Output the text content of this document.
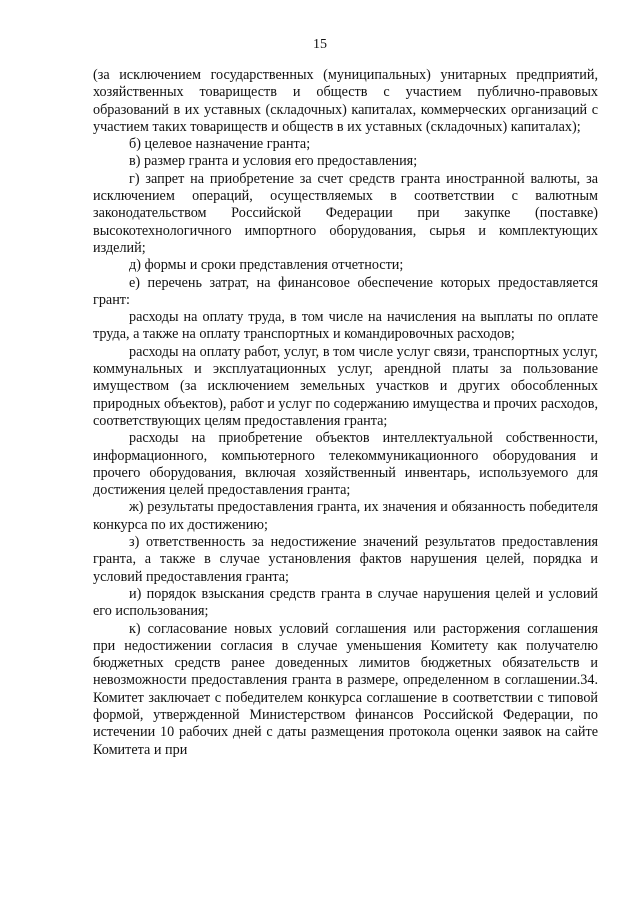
15

(за исключением государственных (муниципальных) унитарных предприятий, хозяйственных товариществ и обществ с участием публично-правовых образований в их уставных (складочных) капиталах, коммерческих организаций с участием таких товариществ и обществ в их уставных (складочных) капиталах);

б) целевое назначение гранта;

в) размер гранта и условия его предоставления;

г) запрет на приобретение за счет средств гранта иностранной валюты, за исключением операций, осуществляемых в соответствии с валютным законодательством Российской Федерации при закупке (поставке) высокотехнологичного импортного оборудования, сырья и комплектующих изделий;

д) формы и сроки представления отчетности;

е) перечень затрат, на финансовое обеспечение которых предоставляется грант:

расходы на оплату труда, в том числе на начисления на выплаты по оплате труда, а также на оплату транспортных и командировочных расходов;

расходы на оплату работ, услуг, в том числе услуг связи, транспортных услуг, коммунальных и эксплуатационных услуг, арендной платы за пользование имуществом (за исключением земельных участков и других обособленных природных объектов), работ и услуг по содержанию имущества и прочих расходов, соответствующих целям предоставления гранта;

расходы на приобретение объектов интеллектуальной собственности, информационного, компьютерного телекоммуникационного оборудования и прочего оборудования, включая хозяйственный инвентарь, используемого для достижения целей предоставления гранта;

ж) результаты предоставления гранта, их значения и обязанность победителя конкурса по их достижению;

з) ответственность за недостижение значений результатов предоставления гранта, а также в случае установления фактов нарушения целей, порядка и условий предоставления гранта;

и) порядок взыскания средств гранта в случае нарушения целей и условий его использования;

к) согласование новых условий соглашения или расторжения соглашения при недостижении согласия в случае уменьшения Комитету как получателю бюджетных средств ранее доведенных лимитов бюджетных обязательств и невозможности предоставления гранта в размере, определенном в соглашении.34. Комитет заключает с победителем конкурса соглашение в соответствии с типовой формой, утвержденной Министерством финансов Российской Федерации, по истечении 10 рабочих дней с даты размещения протокола оценки заявок на сайте Комитета и при
